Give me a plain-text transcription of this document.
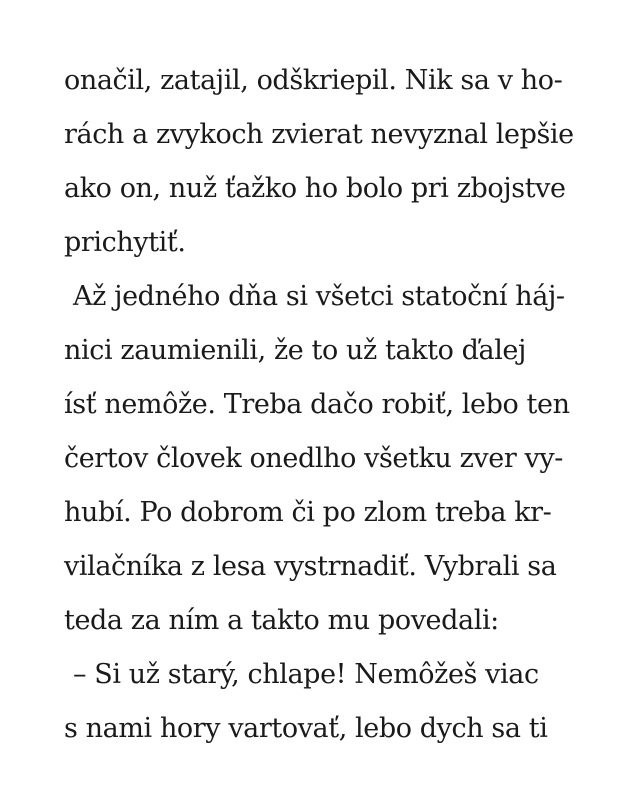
onačil, zatajil, odškriepil. Nik sa v ho-
rách a zvykoch zvierat nevyznal lepšie
ako on, nuž ťažko ho bolo pri zbojstve
prichytiť.
Až jedného dňa si všetci statoční háj-
nici zaumienili, že to už takto ďalej
ísť nemôže. Treba dačo robiť, lebo ten
čertov človek onedlho všetku zver vy-
hubí. Po dobrom či po zlom treba kr-
vilačníka z lesa vystrnadiť. Vybrali sa
teda za ním a takto mu povedali:
– Si už starý, chlape! Nemôžeš viac
s nami hory vartovať, lebo dych sa ti
